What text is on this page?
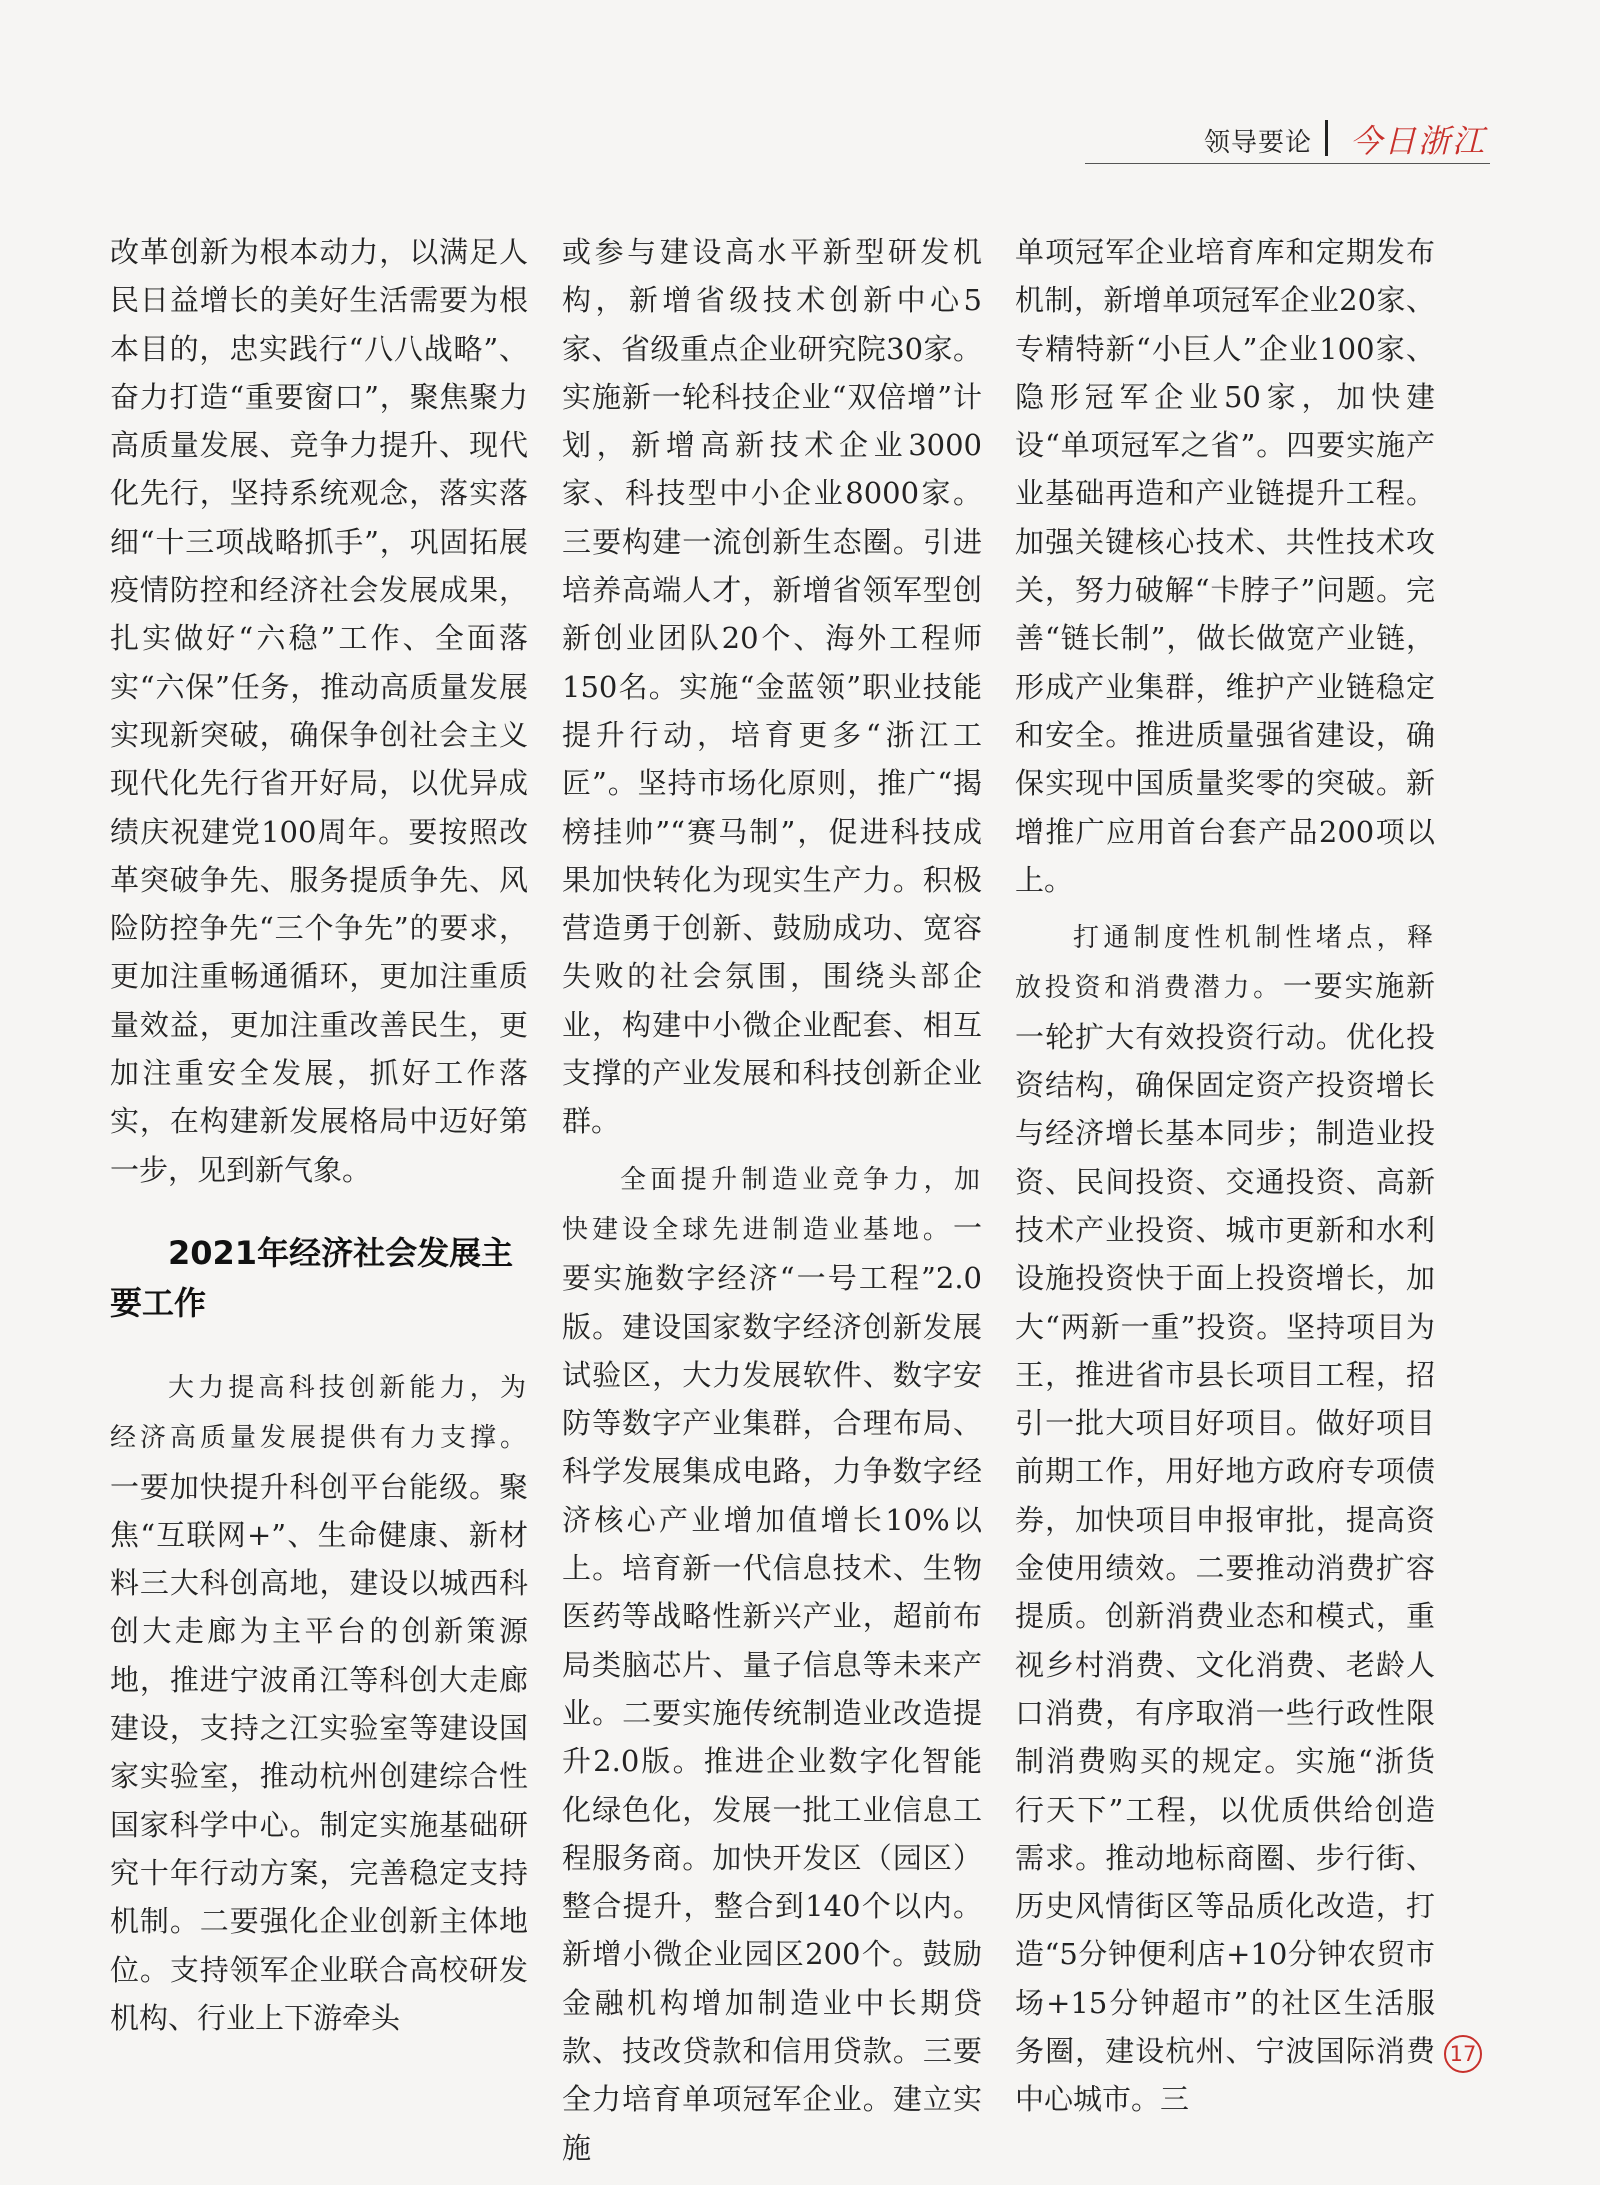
领导要论 今日浙江

改革创新为根本动力，以满足人民日益增长的美好生活需要为根本目的，忠实践行“八八战略”、奋力打造“重要窗口”，聚焦聚力高质量发展、竞争力提升、现代化先行，坚持系统观念，落实落细“十三项战略抓手”，巩固拓展疫情防控和经济社会发展成果，扎实做好“六稳”工作、全面落实“六保”任务，推动高质量发展实现新突破，确保争创社会主义现代化先行省开好局，以优异成绩庆祝建党100周年。要按照改革突破争先、服务提质争先、风险防控争先“三个争先”的要求，更加注重畅通循环，更加注重质量效益，更加注重改善民生，更加注重安全发展，抓好工作落实，在构建新发展格局中迈好第一步，见到新气象。

2021年经济社会发展主要工作

大力提高科技创新能力，为经济高质量发展提供有力支撑。一要加快提升科创平台能级。聚焦“互联网+”、生命健康、新材料三大科创高地，建设以城西科创大走廊为主平台的创新策源地，推进宁波甬江等科创大走廊建设，支持之江实验室等建设国家实验室，推动杭州创建综合性国家科学中心。制定实施基础研究十年行动方案，完善稳定支持机制。二要强化企业创新主体地位。支持领军企业联合高校研发机构、行业上下游牵头

或参与建设高水平新型研发机构，新增省级技术创新中心5家、省级重点企业研究院30家。实施新一轮科技企业“双倍增”计划，新增高新技术企业3000家、科技型中小企业8000家。三要构建一流创新生态圈。引进培养高端人才，新增省领军型创新创业团队20个、海外工程师150名。实施“金蓝领”职业技能提升行动，培育更多“浙江工匠”。坚持市场化原则，推广“揭榜挂帅”“赛马制”，促进科技成果加快转化为现实生产力。积极营造勇于创新、鼓励成功、宽容失败的社会氛围，围绕头部企业，构建中小微企业配套、相互支撑的产业发展和科技创新企业群。

全面提升制造业竞争力，加快建设全球先进制造业基地。一要实施数字经济“一号工程”2.0版。建设国家数字经济创新发展试验区，大力发展软件、数字安防等数字产业集群，合理布局、科学发展集成电路，力争数字经济核心产业增加值增长10%以上。培育新一代信息技术、生物医药等战略性新兴产业，超前布局类脑芯片、量子信息等未来产业。二要实施传统制造业改造提升2.0版。推进企业数字化智能化绿色化，发展一批工业信息工程服务商。加快开发区（园区）整合提升，整合到140个以内。新增小微企业园区200个。鼓励金融机构增加制造业中长期贷款、技改贷款和信用贷款。三要全力培育单项冠军企业。建立实施

单项冠军企业培育库和定期发布机制，新增单项冠军企业20家、专精特新“小巨人”企业100家、隐形冠军企业50家，加快建设“单项冠军之省”。四要实施产业基础再造和产业链提升工程。加强关键核心技术、共性技术攻关，努力破解“卡脖子”问题。完善“链长制”，做长做宽产业链，形成产业集群，维护产业链稳定和安全。推进质量强省建设，确保实现中国质量奖零的突破。新增推广应用首台套产品200项以上。

打通制度性机制性堵点，释放投资和消费潜力。一要实施新一轮扩大有效投资行动。优化投资结构，确保固定资产投资增长与经济增长基本同步；制造业投资、民间投资、交通投资、高新技术产业投资、城市更新和水利设施投资快于面上投资增长，加大“两新一重”投资。坚持项目为王，推进省市县长项目工程，招引一批大项目好项目。做好项目前期工作，用好地方政府专项债券，加快项目申报审批，提高资金使用绩效。二要推动消费扩容提质。创新消费业态和模式，重视乡村消费、文化消费、老龄人口消费，有序取消一些行政性限制消费购买的规定。实施“浙货行天下”工程，以优质供给创造需求。推动地标商圈、步行街、历史风情街区等品质化改造，打造“5分钟便利店+10分钟农贸市场+15分钟超市”的社区生活服务圈，建设杭州、宁波国际消费中心城市。三

17
